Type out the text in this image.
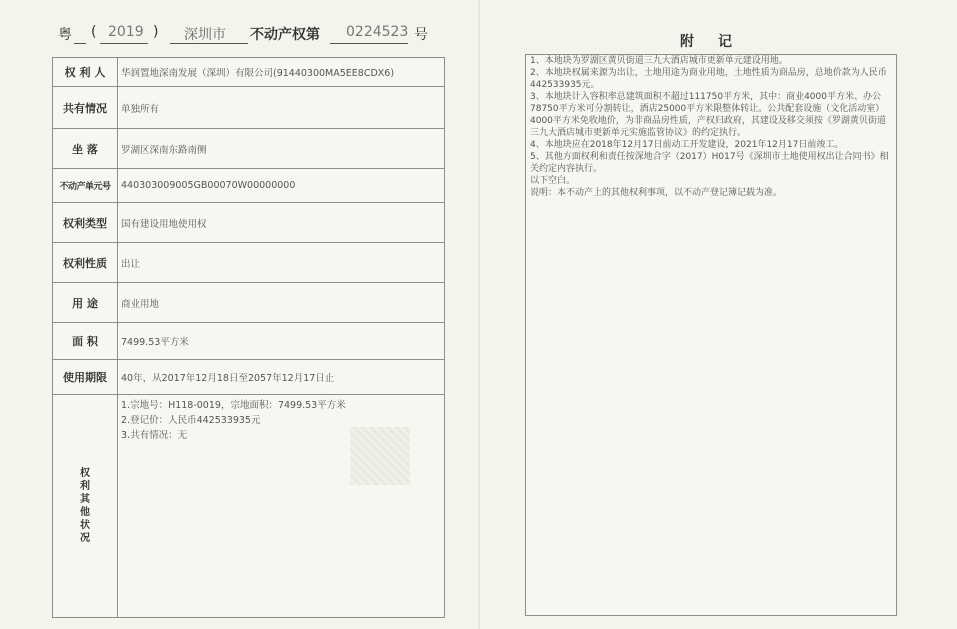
粤 ( 2019 ) 深圳市 不动产权第 0224523 号
权 利 人	华润置地深南发展（深圳）有限公司(91440300MA5EE8CDX6)
共有情况	单独所有
坐 落	罗湖区深南东路南侧
不动产单元号	440303009005GB00070W00000000
权利类型	国有建设用地使用权
权利性质	出让
用 途	商业用地
面 积	7499.53平方米
使用期限	40年，从2017年12月18日至2057年12月17日止
权利其他状况	1.宗地号：H118-0019，宗地面积：7499.53平方米
2.登记价：人民币442533935元
3.共有情况：无
附记

1、本地块为罗湖区黄贝街道三九大酒店城市更新单元建设用地。

2、本地块权属来源为出让，土地用途为商业用地，土地性质为商品房，总地价款为人民币442533935元。

3、本地块计入容积率总建筑面积不超过111750平方米，其中：商业4000平方米、办公78750平方米可分割转让，酒店25000平方米限整体转让。公共配套设施（文化活动室）4000平方米免收地价，为非商品房性质，产权归政府，其建设及移交须按《罗湖黄贝街道三九大酒店城市更新单元实施监管协议》的约定执行。

4、本地块应在2018年12月17日前动工开发建设，2021年12月17日前竣工。

5、其他方面权利和责任按深地合字（2017）H017号《深圳市土地使用权出让合同书》相关约定内容执行。

以下空白。

说明：本不动产上的其他权利事项，以不动产登记簿记载为准。
